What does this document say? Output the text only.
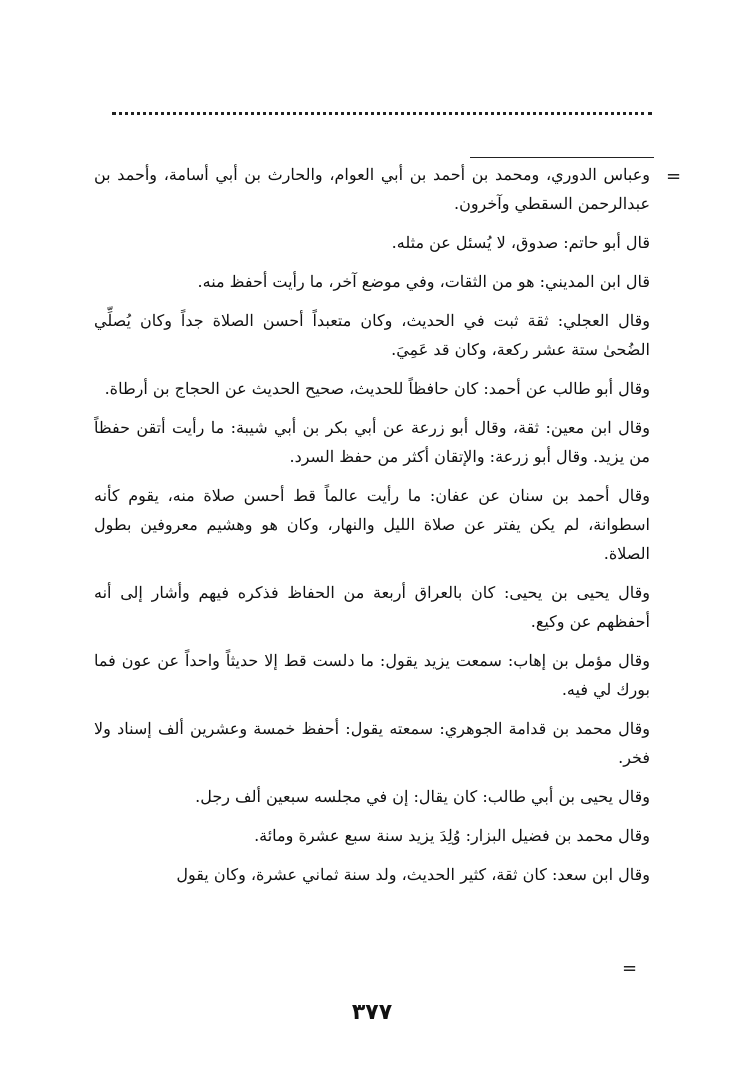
=
=

وعباس الدوري، ومحمد بن أحمد بن أبي العوام، والحارث بن أبي أسامة، وأحمد بن عبدالرحمن السقطي وآخرون.

قال أبو حاتم: صدوق، لا يُسئل عن مثله.

قال ابن المديني: هو من الثقات، وفي موضع آخر، ما رأيت أحفظ منه.

وقال العجلي: ثقة ثبت في الحديث، وكان متعبداً أحسن الصلاة جداً وكان يُصلِّي الضُحىٰ ستة عشر ركعة، وكان قد عَمِيَ.

وقال أبو طالب عن أحمد: كان حافظاً للحديث، صحيح الحديث عن الحجاج بن أرطاة.

وقال ابن معين: ثقة، وقال أبو زرعة عن أبي بكر بن أبي شيبة: ما رأيت أتقن حفظاً من يزيد. وقال أبو زرعة: والإتقان أكثر من حفظ السرد.

وقال أحمد بن سنان عن عفان: ما رأيت عالماً قط أحسن صلاة منه، يقوم كأنه اسطوانة، لم يكن يفتر عن صلاة الليل والنهار، وكان هو وهشيم معروفين بطول الصلاة.

وقال يحيى بن يحيى: كان بالعراق أربعة من الحفاظ فذكره فيهم وأشار إلى أنه أحفظهم عن وكيع.

وقال مؤمل بن إهاب: سمعت يزيد يقول: ما دلست قط إلا حديثاً واحداً عن عون فما بورك لي فيه.

وقال محمد بن قدامة الجوهري: سمعته يقول: أحفظ خمسة وعشرين ألف إسناد ولا فخر.

وقال يحيى بن أبي طالب: كان يقال: إن في مجلسه سبعين ألف رجل.

وقال محمد بن فضيل البزار: وُلِدَ يزيد سنة سبع عشرة ومائة.

وقال ابن سعد: كان ثقة، كثير الحديث، ولد سنة ثماني عشرة، وكان يقول

٣٧٧
